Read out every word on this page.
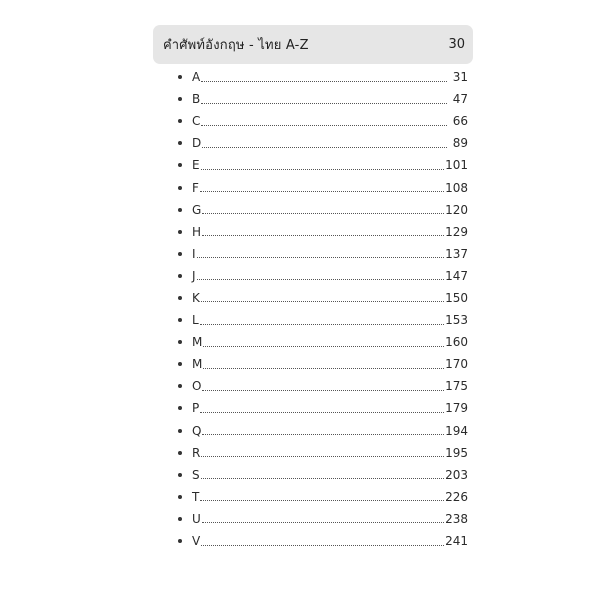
คำศัพท์อังกฤษ - ไทย A-Z	30
A	31
B	47
C	66
D	89
E	101
F	108
G	120
H	129
I	137
J	147
K	150
L	153
M	160
M	170
O	175
P	179
Q	194
R	195
S	203
T	226
U	238
V	241
